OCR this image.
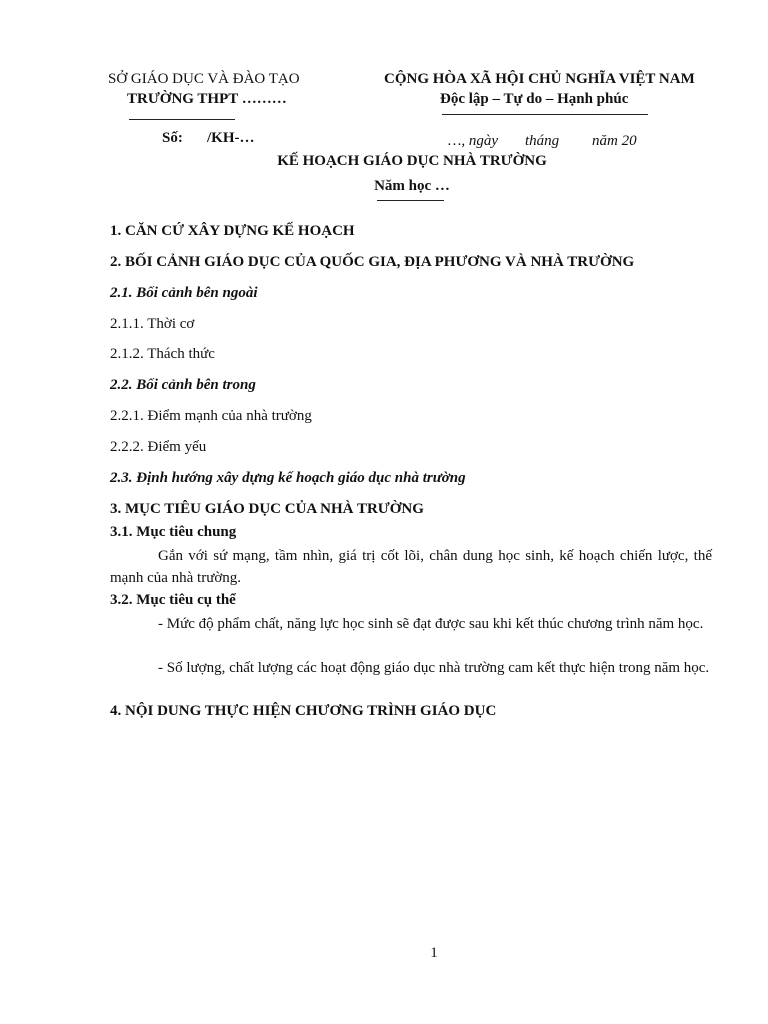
SỞ GIÁO DỤC VÀ ĐÀO TẠO
TRƯỜNG THPT ………
Số: /KH-…
CỘNG HÒA XÃ HỘI CHỦ NGHĨA VIỆT NAM
Độc lập – Tự do – Hạnh phúc
…, ngày tháng năm 20
KẾ HOẠCH GIÁO DỤC NHÀ TRƯỜNG
Năm học …
1. CĂN CỨ XÂY DỰNG KẾ HOẠCH
2. BỐI CẢNH GIÁO DỤC CỦA QUỐC GIA, ĐỊA PHƯƠNG VÀ NHÀ TRƯỜNG
2.1. Bối cảnh bên ngoài
2.1.1. Thời cơ
2.1.2. Thách thức
2.2. Bối cảnh bên trong
2.2.1. Điểm mạnh của nhà trường
2.2.2. Điểm yếu
2.3. Định hướng xây dựng kế hoạch giáo dục nhà trường
3. MỤC TIÊU GIÁO DỤC CỦA NHÀ TRƯỜNG
3.1. Mục tiêu chung
Gắn với sứ mạng, tầm nhìn, giá trị cốt lõi, chân dung học sinh, kế hoạch chiến lược, thế mạnh của nhà trường.
3.2. Mục tiêu cụ thể
- Mức độ phẩm chất, năng lực học sinh sẽ đạt được sau khi kết thúc chương trình năm học.
- Số lượng, chất lượng các hoạt động giáo dục nhà trường cam kết thực hiện trong năm học.
4. NỘI DUNG THỰC HIỆN CHƯƠNG TRÌNH GIÁO DỤC
1
